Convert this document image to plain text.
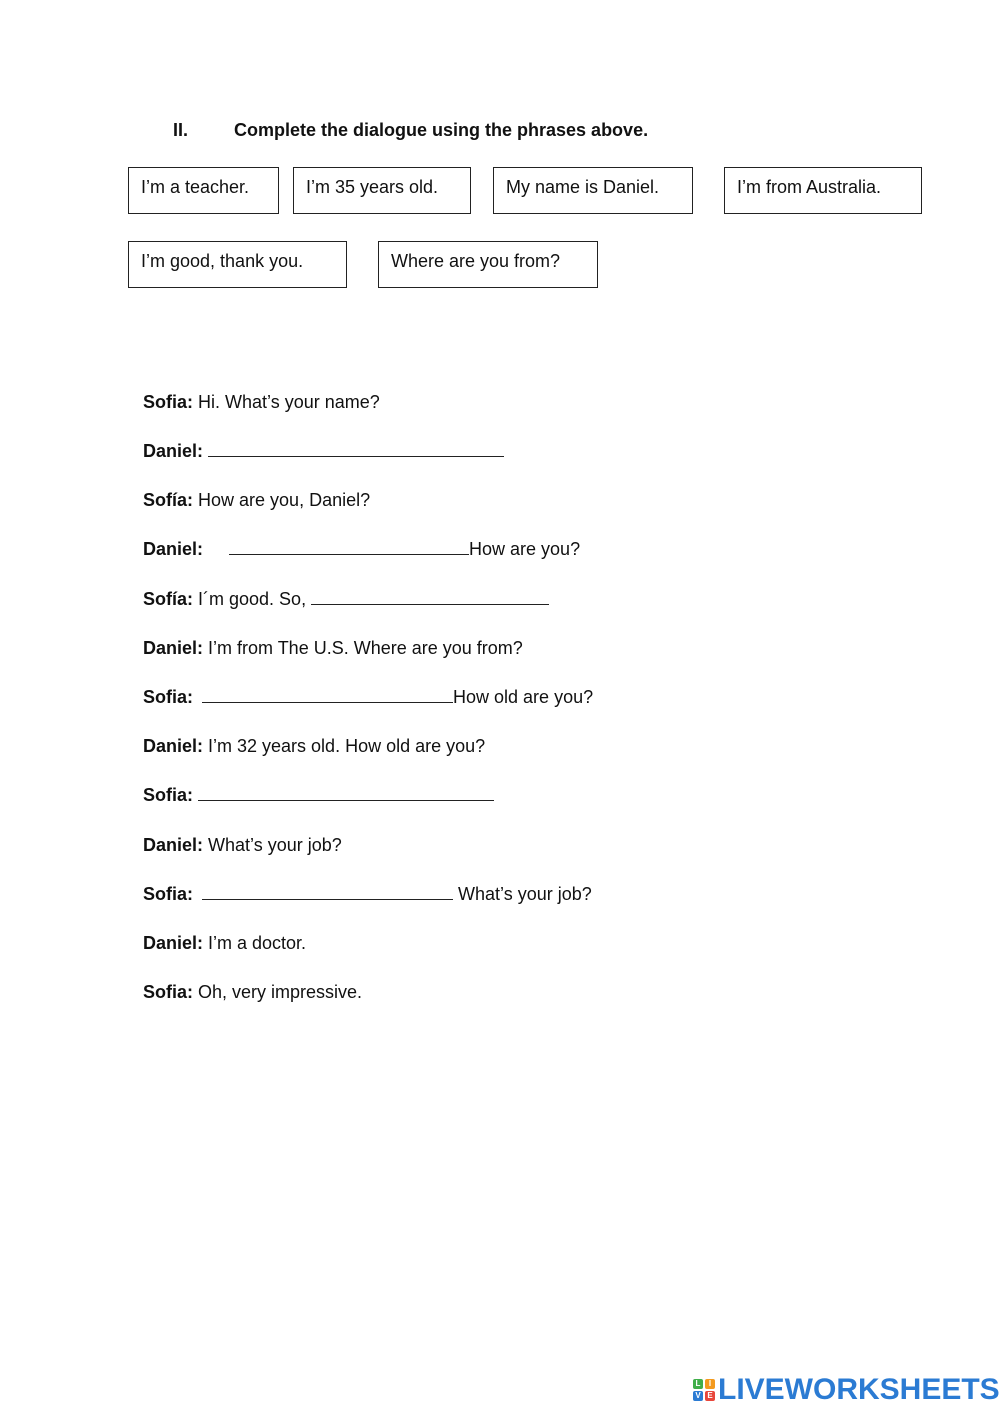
II.	Complete the dialogue using the phrases above.
I’m a teacher.	I’m 35 years old.	My name is Daniel.	I’m from Australia.
I’m good, thank you.	Where are you from?
Sofia: Hi. What’s your name?
Daniel:
Sofía: How are you, Daniel?
Daniel:	How are you?
Sofía: I´m good. So,
Daniel: I’m from The U.S. Where are you from?
Sofia:	How old are you?
Daniel: I’m 32 years old. How old are you?
Sofia:
Daniel: What’s your job?
Sofia:	What’s your job?
Daniel: I’m a doctor.
Sofia: Oh, very impressive.
L	I
V E LIVEWORKSHEETS
